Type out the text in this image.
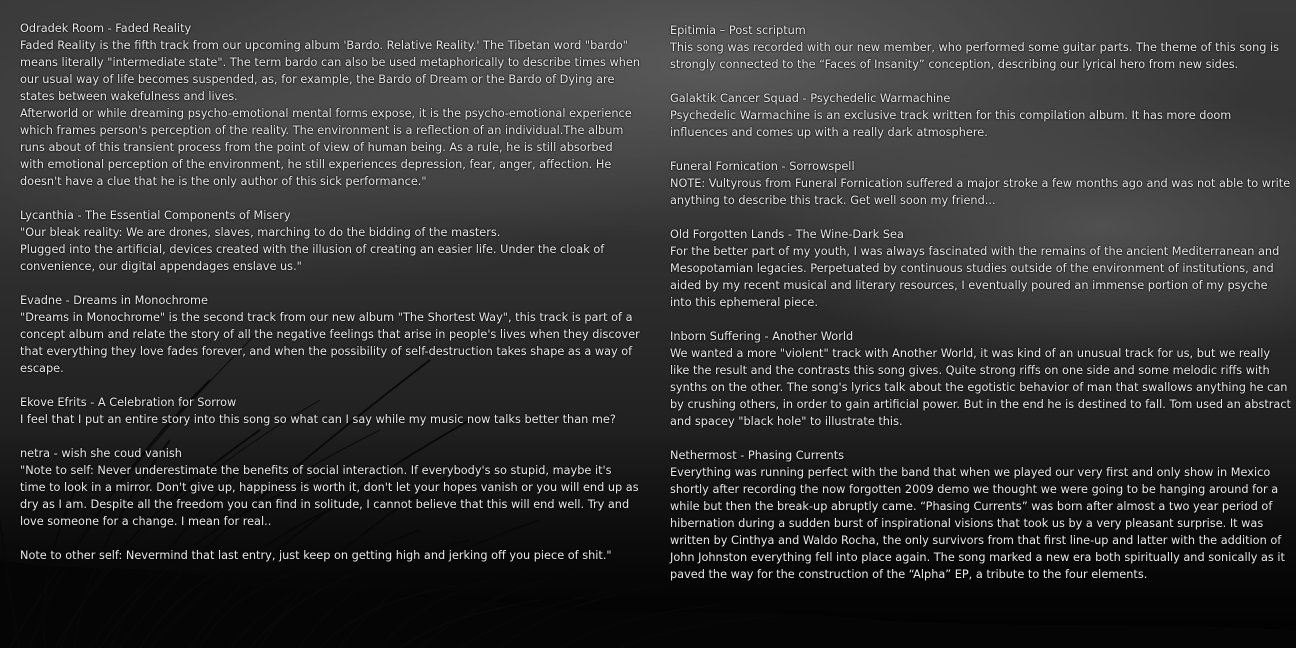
Odradek Room - Faded Reality
Faded Reality is the fifth track from our upcoming album 'Bardo. Relative Reality.' The Tibetan word "bardo" means literally "intermediate state". The term bardo can also be used metaphorically to describe times when our usual way of life becomes suspended, as, for example, the Bardo of Dream or the Bardo of Dying are states between wakefulness and lives.
Afterworld or while dreaming psycho-emotional mental forms expose, it is the psycho-emotional experience which frames person's perception of the reality. The environment is a reflection of an individual.The album runs about of this transient process from the point of view of human being. As a rule, he is still absorbed with emotional perception of the environment, he still experiences depression, fear, anger, affection. He doesn't have a clue that he is the only author of this sick performance."
Lycanthia - The Essential Components of Misery
"Our bleak reality: We are drones, slaves, marching to do the bidding of the masters.
Plugged into the artificial, devices created with the illusion of creating an easier life. Under the cloak of convenience, our digital appendages enslave us."
Evadne - Dreams in Monochrome
"Dreams in Monochrome" is the second track from our new album "The Shortest Way", this track is part of a concept album and relate the story of all the negative feelings that arise in people's lives when they discover that everything they love fades forever, and when the possibility of self-destruction takes shape as a way of escape.
Ekove Efrits - A Celebration for Sorrow
I feel that I put an entire story into this song so what can I say while my music now talks better than me?
netra - wish she coud vanish
"Note to self: Never underestimate the benefits of social interaction. If everybody's so stupid, maybe it's time to look in a mirror. Don't give up, happiness is worth it, don't let your hopes vanish or you will end up as dry as I am. Despite all the freedom you can find in solitude, I cannot believe that this will end well. Try and love someone for a change. I mean for real..

Note to other self: Nevermind that last entry, just keep on getting high and jerking off you piece of shit."
Epitimia – Post scriptum
This song was recorded with our new member, who performed some guitar parts. The theme of this song is strongly connected to the “Faces of Insanity” conception, describing our lyrical hero from new sides.
Galaktik Cancer Squad - Psychedelic Warmachine
Psychedelic Warmachine is an exclusive track written for this compilation album. It has more doom influences and comes up with a really dark atmosphere.
Funeral Fornication - Sorrowspell
NOTE: Vultyrous from Funeral Fornication suffered a major stroke a few months ago and was not able to write anything to describe this track. Get well soon my friend...
Old Forgotten Lands - The Wine-Dark Sea
For the better part of my youth, I was always fascinated with the remains of the ancient Mediterranean and Mesopotamian legacies. Perpetuated by continuous studies outside of the environment of institutions, and aided by my recent musical and literary resources, I eventually poured an immense portion of my psyche into this ephemeral piece.
Inborn Suffering - Another World
We wanted a more "violent" track with Another World, it was kind of an unusual track for us, but we really like the result and the contrasts this song gives. Quite strong riffs on one side and some melodic riffs with synths on the other. The song's lyrics talk about the egotistic behavior of man that swallows anything he can by crushing others, in order to gain artificial power. But in the end he is destined to fall. Tom used an abstract and spacey "black hole" to illustrate this.
Nethermost - Phasing Currents
Everything was running perfect with the band that when we played our very first and only show in Mexico shortly after recording the now forgotten 2009 demo we thought we were going to be hanging around for a while but then the break-up abruptly came. “Phasing Currents” was born after almost a two year period of hibernation during a sudden burst of inspirational visions that took us by a very pleasant surprise. It was written by Cinthya and Waldo Rocha, the only survivors from that first line-up and latter with the addition of John Johnston everything fell into place again. The song marked a new era both spiritually and sonically as it paved the way for the construction of the “Alpha” EP, a tribute to the four elements.
